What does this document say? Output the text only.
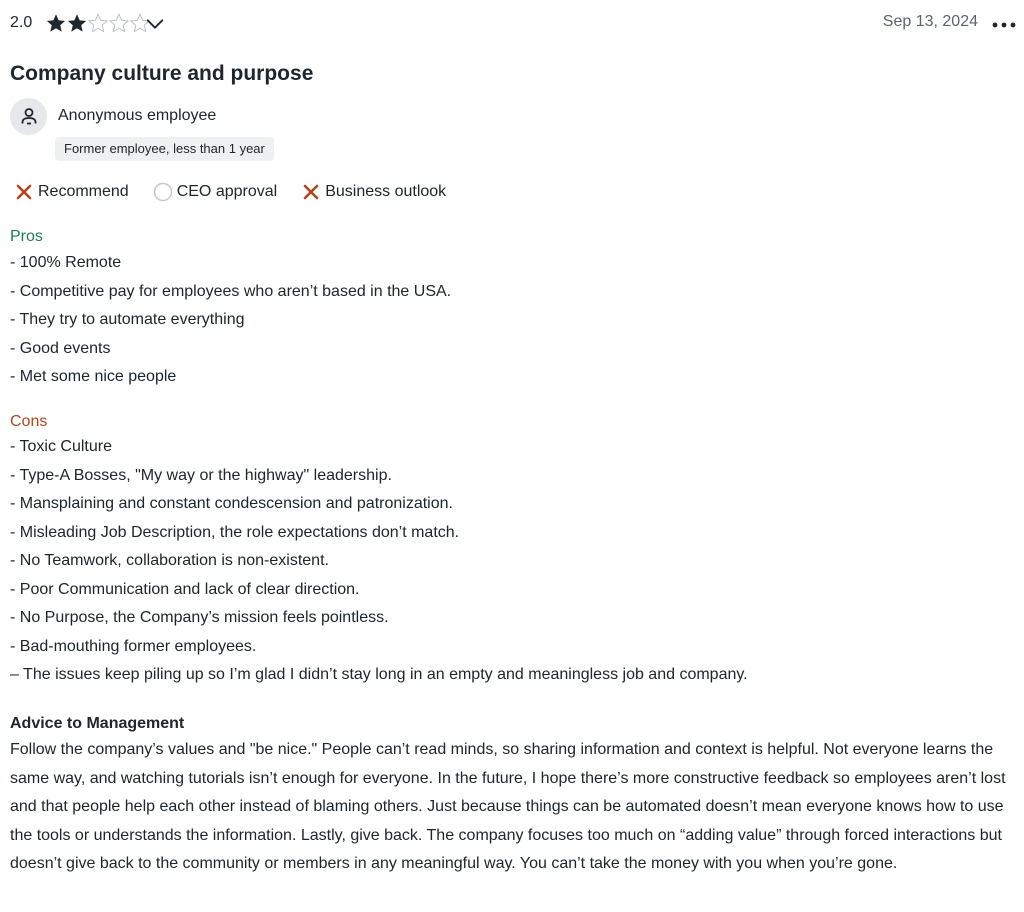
2.0	Sep 13, 2024
Company culture and purpose
Anonymous employee
Former employee, less than 1 year
Recommend	CEO approval	Business outlook
Pros
- 100% Remote
- Competitive pay for employees who aren’t based in the USA.
- They try to automate everything
- Good events
- Met some nice people
Cons
- Toxic Culture
- Type-A Bosses, "My way or the highway" leadership.
- Mansplaining and constant condescension and patronization.
- Misleading Job Description, the role expectations don’t match.
- No Teamwork, collaboration is non-existent.
- Poor Communication and lack of clear direction.
- No Purpose, the Company’s mission feels pointless.
- Bad-mouthing former employees.
– The issues keep piling up so I’m glad I didn’t stay long in an empty and meaningless job and company.
Advice to Management

Follow the company’s values and "be nice." People can’t read minds, so sharing information and context is helpful. Not everyone learns the same way, and watching tutorials isn’t enough for everyone. In the future, I hope there’s more constructive feedback so employees aren’t lost and that people help each other instead of blaming others. Just because things can be automated doesn’t mean everyone knows how to use the tools or understands the information. Lastly, give back. The company focuses too much on “adding value” through forced interactions but doesn’t give back to the community or members in any meaningful way. You can’t take the money with you when you’re gone.
